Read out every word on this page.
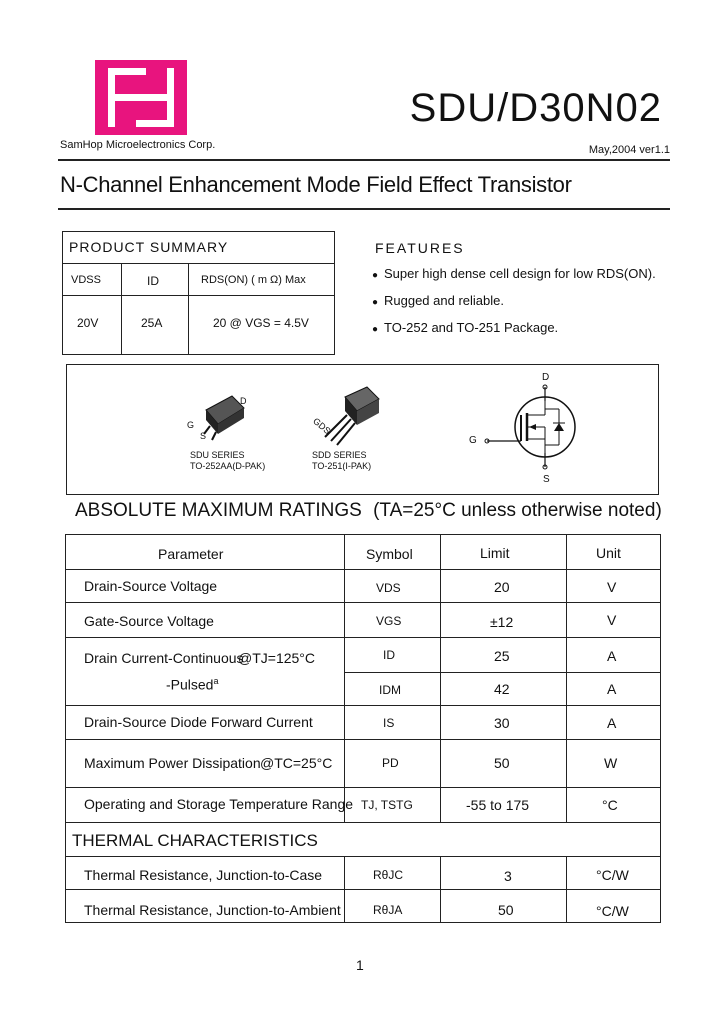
SamHop Microelectronics Corp.
SDU/D30N02
May,2004 ver1.1
N-Channel Enhancement Mode Field Effect Transistor
PRODUCT SUMMARY
VDSS	ID	RDS(ON) ( m Ω) Max
20V	25A	20 @ VGS = 4.5V
FEATURES
● Super high dense cell design for low RDS(ON).
● Rugged and reliable.
● TO-252 and TO-251 Package.
D
G
S
SDU SERIES
TO-252AA(D-PAK)
GDS
SDD SERIES
TO-251(I-PAK)
D
G
S
ABSOLUTE MAXIMUM RATINGS (TA=25°C unless otherwise noted)
Parameter	Symbol	Limit	Unit
Drain-Source Voltage	VDS	20	V
Gate-Source Voltage	VGS	±12	V
Drain Current-Continuous
@TJ=125°C	ID	25	A
-Pulsed$^a$
IDM	42	A
Drain-Source Diode Forward Current	IS	30	A
Maximum Power Dissipation @TC=25°C	PD	50	W
Operating and Storage Temperature Range TJ, TSTG	-55 to 175	°C
THERMAL CHARACTERISTICS
Thermal Resistance, Junction-to-Case	RθJC	3	°C/W
Thermal Resistance, Junction-to-Ambient	RθJA	50	°C/W
1
